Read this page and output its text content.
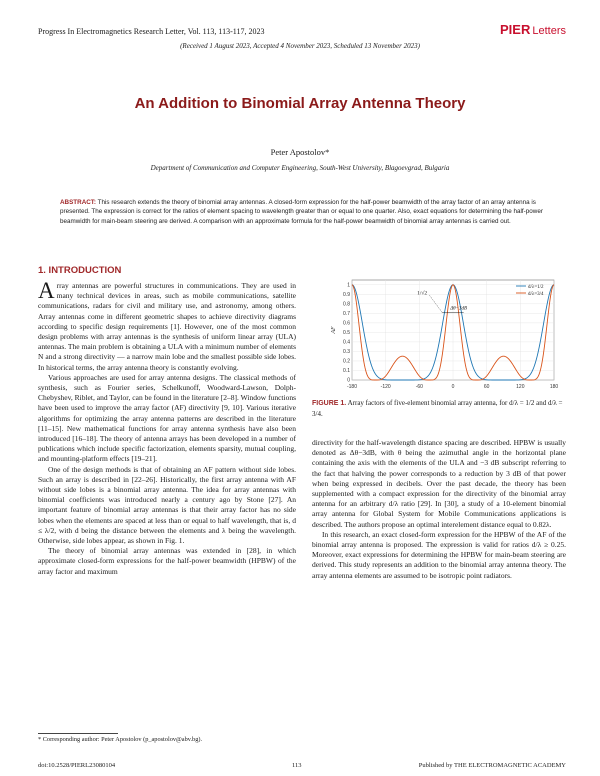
Progress In Electromagnetics Research Letter, Vol. 113, 113-117, 2023	PIER Letters
(Received 1 August 2023, Accepted 4 November 2023, Scheduled 13 November 2023)
An Addition to Binomial Array Antenna Theory
Peter Apostolov*
Department of Communication and Computer Engineering, South-West University, Blagoevgrad, Bulgaria
ABSTRACT: This research extends the theory of binomial array antennas. A closed-form expression for the half-power beamwidth of the array factor of an array antenna is presented. The expression is correct for the ratios of element spacing to wavelength greater than or equal to one quarter. Also, exact equations for determining the half-power beamwidth for main-beam steering are derived. A comparison with an approximate formula for the half-power beamwidth of binomial array antennas is carried out.
1. INTRODUCTION

Array antennas are powerful structures in communications. They are used in many technical devices in areas, such as mobile communications, satellite communications, radars for civil and military use, and astronomy, among others. Array antennas come in different geometric shapes to achieve directivity diagrams according to specific design requirements [1]. However, one of the most common design problems with array antennas is the synthesis of uniform linear array (ULA) antennas. The main problem is obtaining a ULA with a minimum number of elements N and a strong directivity — a narrow main lobe and the smallest possible side lobes. In historical terms, the array antenna theory is constantly evolving.

Various approaches are used for array antenna designs. The classical methods of synthesis, such as Fourier series, Schelkunoff, Woodward-Lawson, Dolph-Chebyshev, Riblet, and Taylor, can be found in the literature [2–8]. Window functions have been used to improve the array factor (AF) directivity [9, 10]. Various iterative algorithms for optimizing the array antenna patterns are described in the literature [11–15]. New mathematical functions for array antenna synthesis have also been introduced [16–18]. The theory of antenna arrays has been developed in a number of publications which include specific factorization, elements sparsity, mutual coupling, and mounting-platform effects [19–21].

One of the design methods is that of obtaining an AF pattern without side lobes. Such an array is described in [22–26]. Historically, the first array antenna with AF without side lobes is a binomial array antenna. The idea for array antennas with binomial coefficients was introduced nearly a century ago by Stone [27]. An important feature of binomial array antennas is that their array factor has no side lobes when the elements are spaced at less than or equal to half wavelength, that is, d ≤ λ/2, with d being the distance between the elements and λ being the wavelength. Otherwise, side lobes appear, as shown in Fig. 1.

The theory of binomial array antennas was extended in [28], in which approximate closed-form expressions for the half-power beamwidth (HPBW) of the array factor and maximum

-180	-120	-60	0	60	120	180
0
0.1
0.2
0.3
0.4
0.5
0.6
0.7
0.8
0.9
1
AF
d/λ=1/2
d/λ=3/4
1/√2
Δθ−3dB
FIGURE 1. Array factors of five-element binomial array antenna, for d/λ = 1/2 and d/λ = 3/4.

directivity for the half-wavelength distance spacing are described. HPBW is usually denoted as Δθ−3dB, with θ being the azimuthal angle in the horizontal plane containing the axis with the elements of the ULA and −3 dB subscript referring to the fact that halving the power corresponds to a reduction by 3 dB of that power when being expressed in decibels. Over the past decade, the theory has been supplemented with a compact expression for the directivity of the binomial array antenna for an arbitrary d/λ ratio [29]. In [30], a study of a 10-element binomial array antenna for Global System for Mobile Communications applications is described. The authors propose an optimal interelement distance equal to 0.82λ.

In this research, an exact closed-form expression for the HPBW of the AF of the binomial array antenna is proposed. The expression is valid for ratios d/λ ≥ 0.25. Moreover, exact expressions for determining the HPBW for main-beam steering are derived. This study represents an addition to the binomial array antenna theory. The array antenna elements are assumed to be isotropic point radiators.

* Corresponding author: Peter Apostolov (p_apostolov@abv.bg).
doi:10.2528/PIERL23080104	113	Published by THE ELECTROMAGNETIC ACADEMY
